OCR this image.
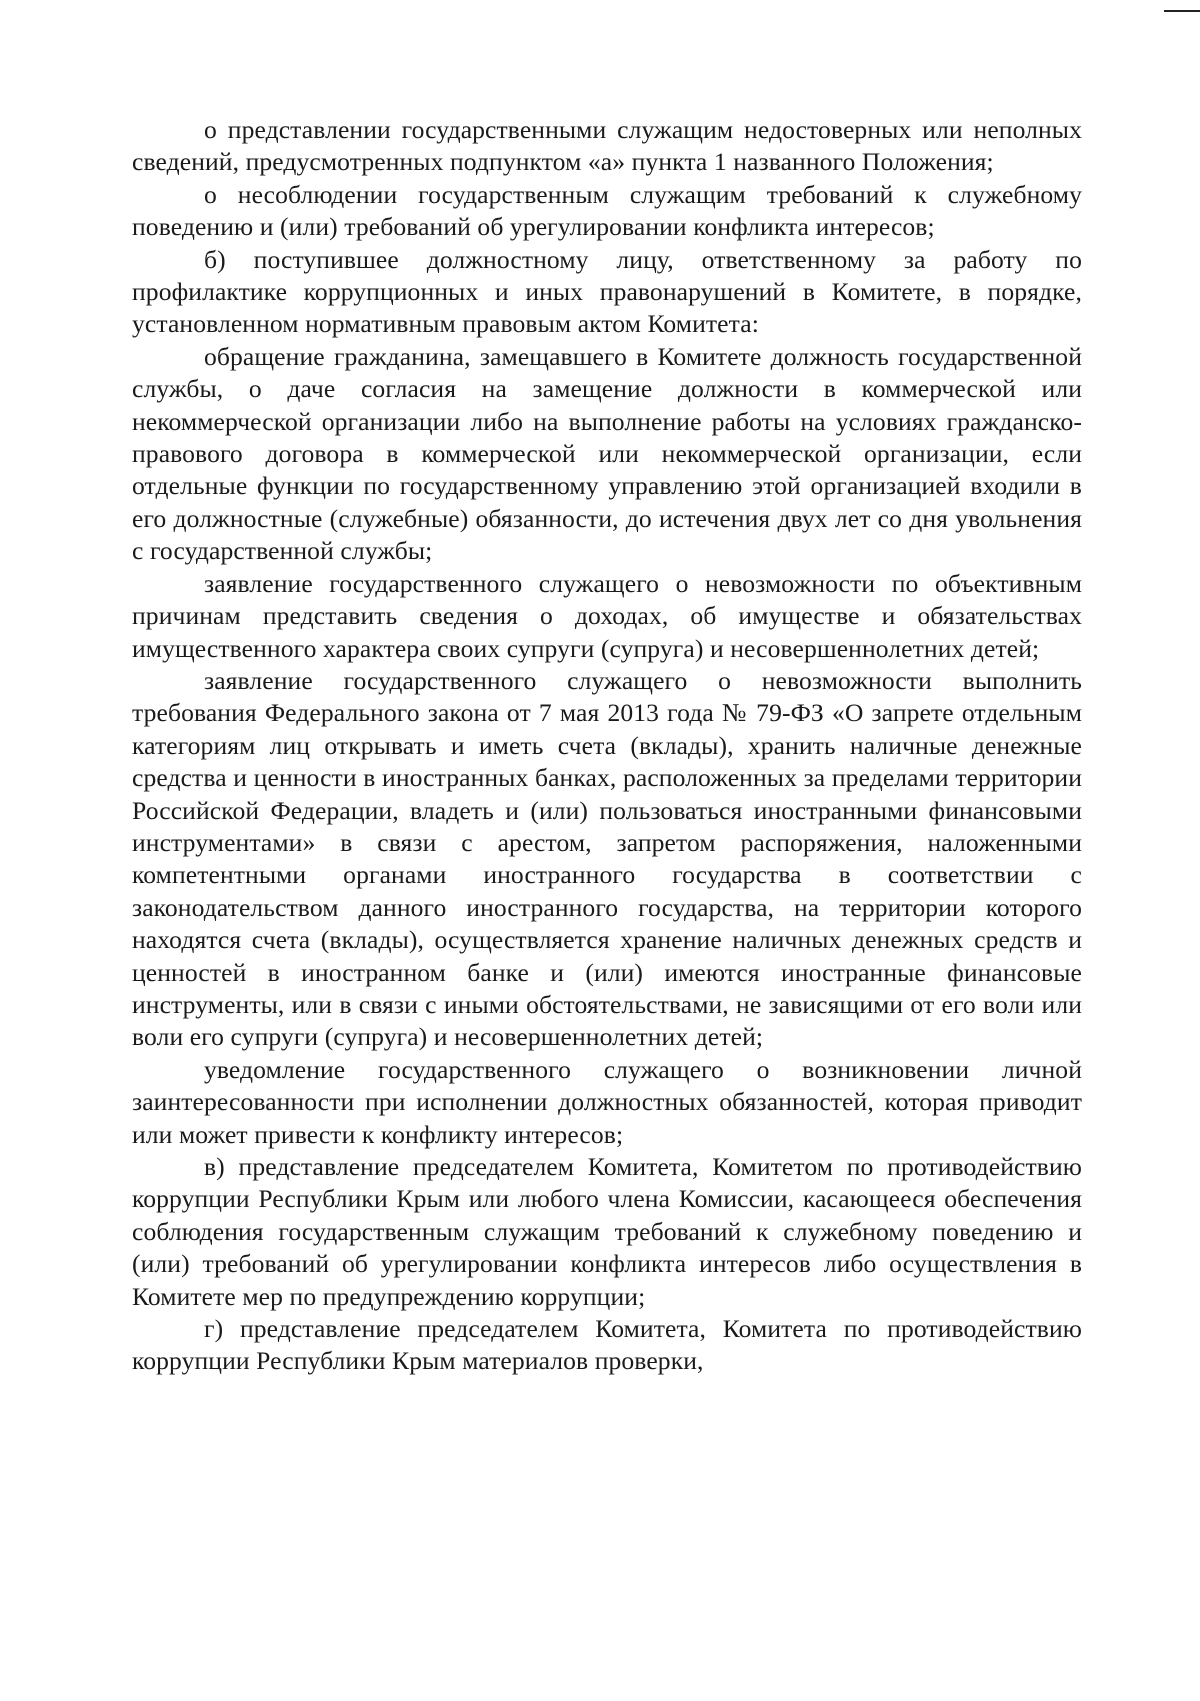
о представлении государственными служащим недостоверных или неполных сведений, предусмотренных подпунктом «а» пункта 1 названного Положения;

о несоблюдении государственным служащим требований к служебному поведению и (или) требований об урегулировании конфликта интересов;

б) поступившее должностному лицу, ответственному за работу по профилактике коррупционных и иных правонарушений в Комитете, в порядке, установленном нормативным правовым актом Комитета:

обращение гражданина, замещавшего в Комитете должность государственной службы, о даче согласия на замещение должности в коммерческой или некоммерческой организации либо на выполнение работы на условиях гражданско-правового договора в коммерческой или некоммерческой организации, если отдельные функции по государственному управлению этой организацией входили в его должностные (служебные) обязанности, до истечения двух лет со дня увольнения с государственной службы;

заявление государственного служащего о невозможности по объективным причинам представить сведения о доходах, об имуществе и обязательствах имущественного характера своих супруги (супруга) и несовершеннолетних детей;

заявление государственного служащего о невозможности выполнить требования Федерального закона от 7 мая 2013 года № 79-ФЗ «О запрете отдельным категориям лиц открывать и иметь счета (вклады), хранить наличные денежные средства и ценности в иностранных банках, расположенных за пределами территории Российской Федерации, владеть и (или) пользоваться иностранными финансовыми инструментами» в связи с арестом, запретом распоряжения, наложенными компетентными органами иностранного государства в соответствии с законодательством данного иностранного государства, на территории которого находятся счета (вклады), осуществляется хранение наличных денежных средств и ценностей в иностранном банке и (или) имеются иностранные финансовые инструменты, или в связи с иными обстоятельствами, не зависящими от его воли или воли его супруги (супруга) и несовершеннолетних детей;

уведомление государственного служащего о возникновении личной заинтересованности при исполнении должностных обязанностей, которая приводит или может привести к конфликту интересов;

в) представление председателем Комитета, Комитетом по противодействию коррупции Республики Крым или любого члена Комиссии, касающееся обеспечения соблюдения государственным служащим требований к служебному поведению и (или) требований об урегулировании конфликта интересов либо осуществления в Комитете мер по предупреждению коррупции;

г) представление председателем Комитета, Комитета по противодействию коррупции Республики Крым материалов проверки,
